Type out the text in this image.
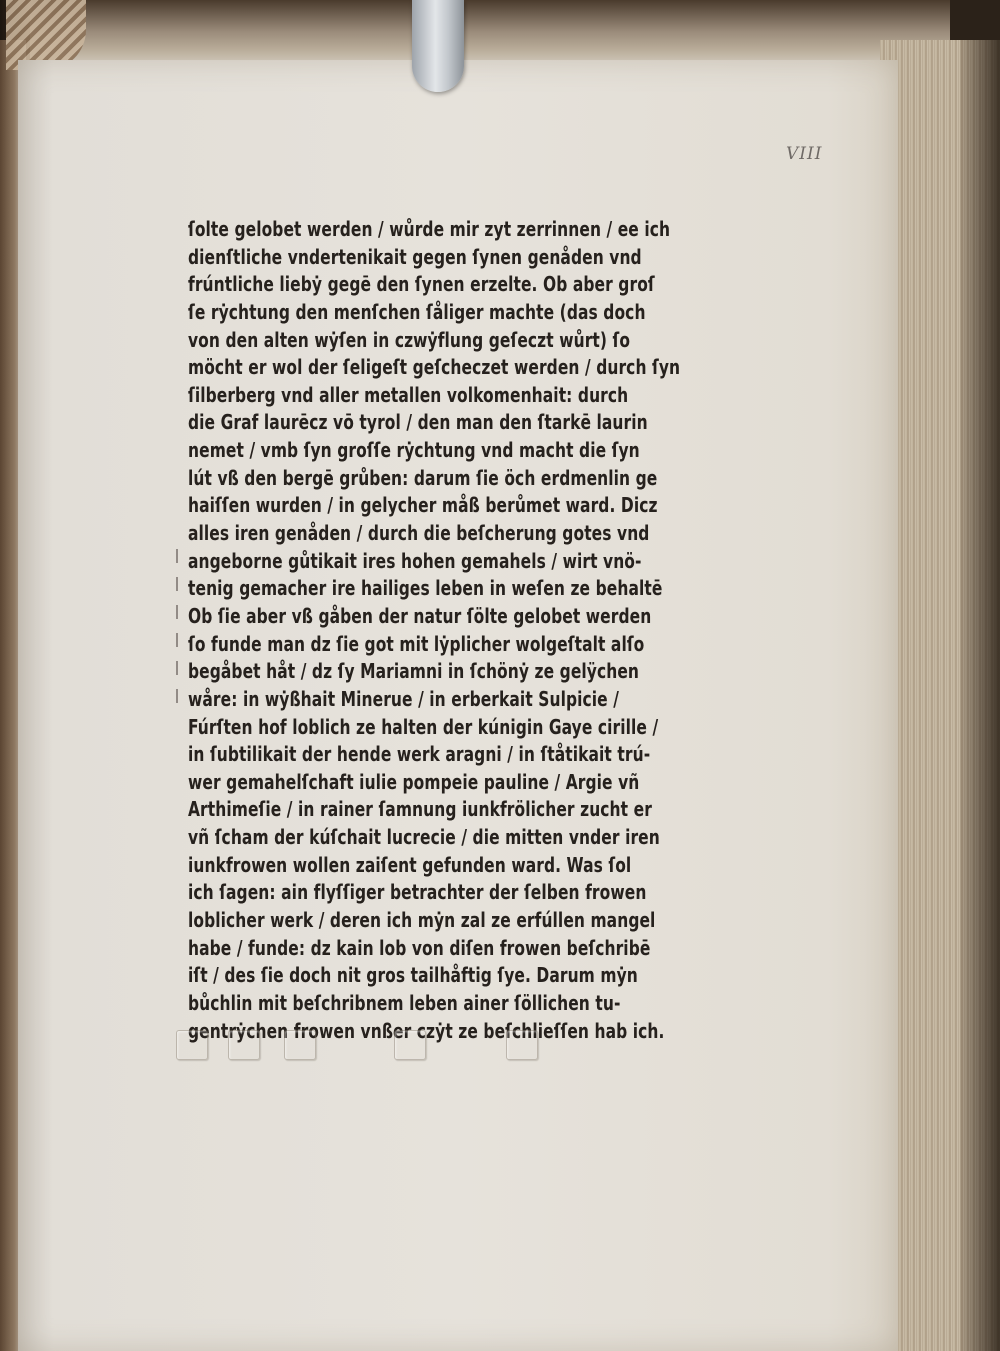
VIII
ſolte gelobet werden / wůrde mir zyt zerrinnen / ee ich
dienſtliche vndertenikait gegen ſynen genåden vnd
frúntliche liebẏ gegē den ſynen erzelte. Ob aber groſ
ſe rẏchtung den menſchen ſåliger machte (das doch
von den alten wẏſen in czwẏflung geſeczt wůrt) ſo
möcht er wol der ſeligeſt geſcheczet werden / durch ſyn
ſilberberg vnd aller metallen volkomenhait: durch
die Graf laurēcz vō tyrol / den man den ſtarkē laurin
nemet / vmb ſyn groſſe rẏchtung vnd macht die ſyn
lút vß den bergē grůben: darum ſie öch erdmenlin ge
haiſſen wurden / in gelycher måß berůmet ward. Dicz
alles iren genåden / durch die beſcherung gotes vnd
angeborne gůtikait ires hohen gemahels / wirt vnö-
tenig gemacher ire hailiges leben in weſen ze behaltē
Ob ſie aber vß gåben der natur ſölte gelobet werden
ſo funde man dz ſie got mit lẏplicher wolgeſtalt alſo
begåbet håt / dz ſy Mariamni in ſchönẏ ze gelÿchen
wåre: in wẏßhait Minerue / in erberkait Sulpicie /
Fúrſten hof loblich ze halten der kúnigin Gaye cirille /
in ſubtilikait der hende werk aragni / in ſtåtikait trú-
wer gemahelſchaft iulie pompeie pauline / Argie vñ
Arthimeſie / in rainer ſamnung iunkfrölicher zucht er
vñ ſcham der kúſchait lucrecie / die mitten vnder iren
iunkfrowen wollen zaiſent gefunden ward. Was ſol
ich ſagen: ain flyſſiger betrachter der ſelben frowen
loblicher werk / deren ich mẏn zal ze erfúllen mangel
habe / funde: dz kain lob von diſen frowen beſchribē
iſt / des ſie doch nit gros tailhåftig ſye. Darum mẏn
bůchlin mit beſchribnem leben ainer ſöllichen tu-
gentrẏchen frowen vnßer czẏt ze beſchlieſſen hab ich.
